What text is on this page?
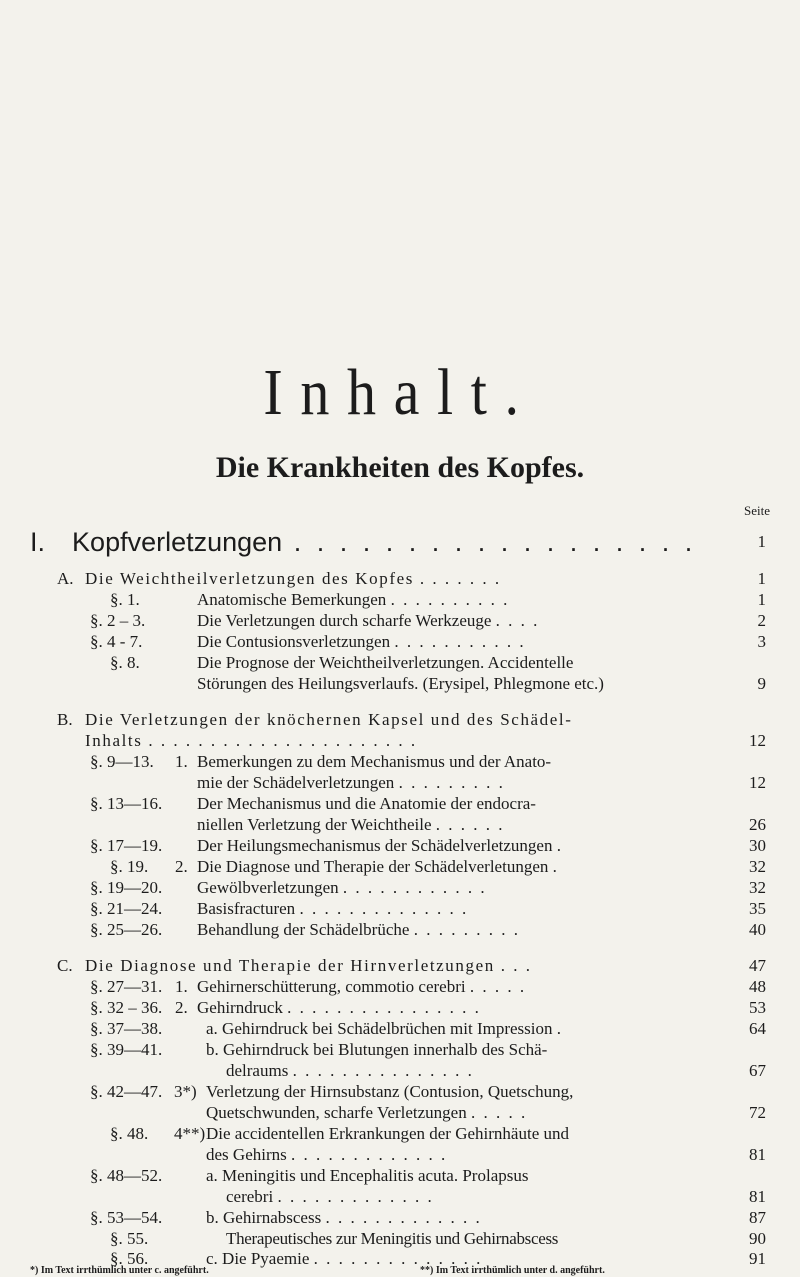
Inhalt.
Die Krankheiten des Kopfes.
Seite
I. Kopfverletzungen . . . . . . . . . . . . . . . . . .	1
A. Die Weichtheilverletzungen des Kopfes . . . . . . .	1
§. 1.	Anatomische Bemerkungen . . . . . . . . . .	1
§. 2 – 3.	Die Verletzungen durch scharfe Werkzeuge . . . .	2
§. 4 - 7.	Die Contusionsverletzungen . . . . . . . . . . .	3
§. 8.	Die Prognose der Weichtheilverletzungen. Accidentelle
Störungen des Heilungsverlaufs. (Erysipel, Phlegmone etc.)	9
B. Die Verletzungen der knöchernen Kapsel und des Schädel-
Inhalts . . . . . . . . . . . . . . . . . . . . . .	12
§. 9—13. 1. Bemerkungen zu dem Mechanismus und der Anato-
mie der Schädelverletzungen . . . . . . . . .	12
§. 13—16. Der Mechanismus und die Anatomie der endocra-
niellen Verletzung der Weichtheile . . . . . .	26
§. 17—19. Der Heilungsmechanismus der Schädelverletzungen .	30
§. 19. 2. Die Diagnose und Therapie der Schädelverletungen .	32
§. 19—20. Gewölbverletzungen . . . . . . . . . . . .	32
§. 21—24. Basisfracturen . . . . . . . . . . . . . .	35
§. 25—26. Behandlung der Schädelbrüche . . . . . . . . .	40
C. Die Diagnose und Therapie der Hirnverletzungen . . .	47
§. 27—31. 1. Gehirnerschütterung, commotio cerebri . . . . .	48
§. 32 – 36. 2. Gehirndruck . . . . . . . . . . . . . . . .	53
§. 37—38.	a. Gehirndruck bei Schädelbrüchen mit Impression .	64
§. 39—41.	b. Gehirndruck bei Blutungen innerhalb des Schä-
delraums . . . . . . . . . . . . . . .	67
§. 42—47. 3*) Verletzung der Hirnsubstanz (Contusion, Quetschung,
Quetschwunden, scharfe Verletzungen . . . . .	72
§. 48. 4**) Die accidentellen Erkrankungen der Gehirnhäute und
des Gehirns . . . . . . . . . . . . .	81
§. 48—52.	a. Meningitis und Encephalitis acuta. Prolapsus
cerebri . . . . . . . . . . . . .	81
§. 53—54.	b. Gehirnabscess . . . . . . . . . . . . .	87
§. 55.	Therapeutisches zur Meningitis und Gehirnabscess	90
§. 56.	c. Die Pyaemie . . . . . . . . . . . . . .	91
*) Im Text irrthümlich unter c. angeführt.	**) Im Text irrthümlich unter d. angeführt.
